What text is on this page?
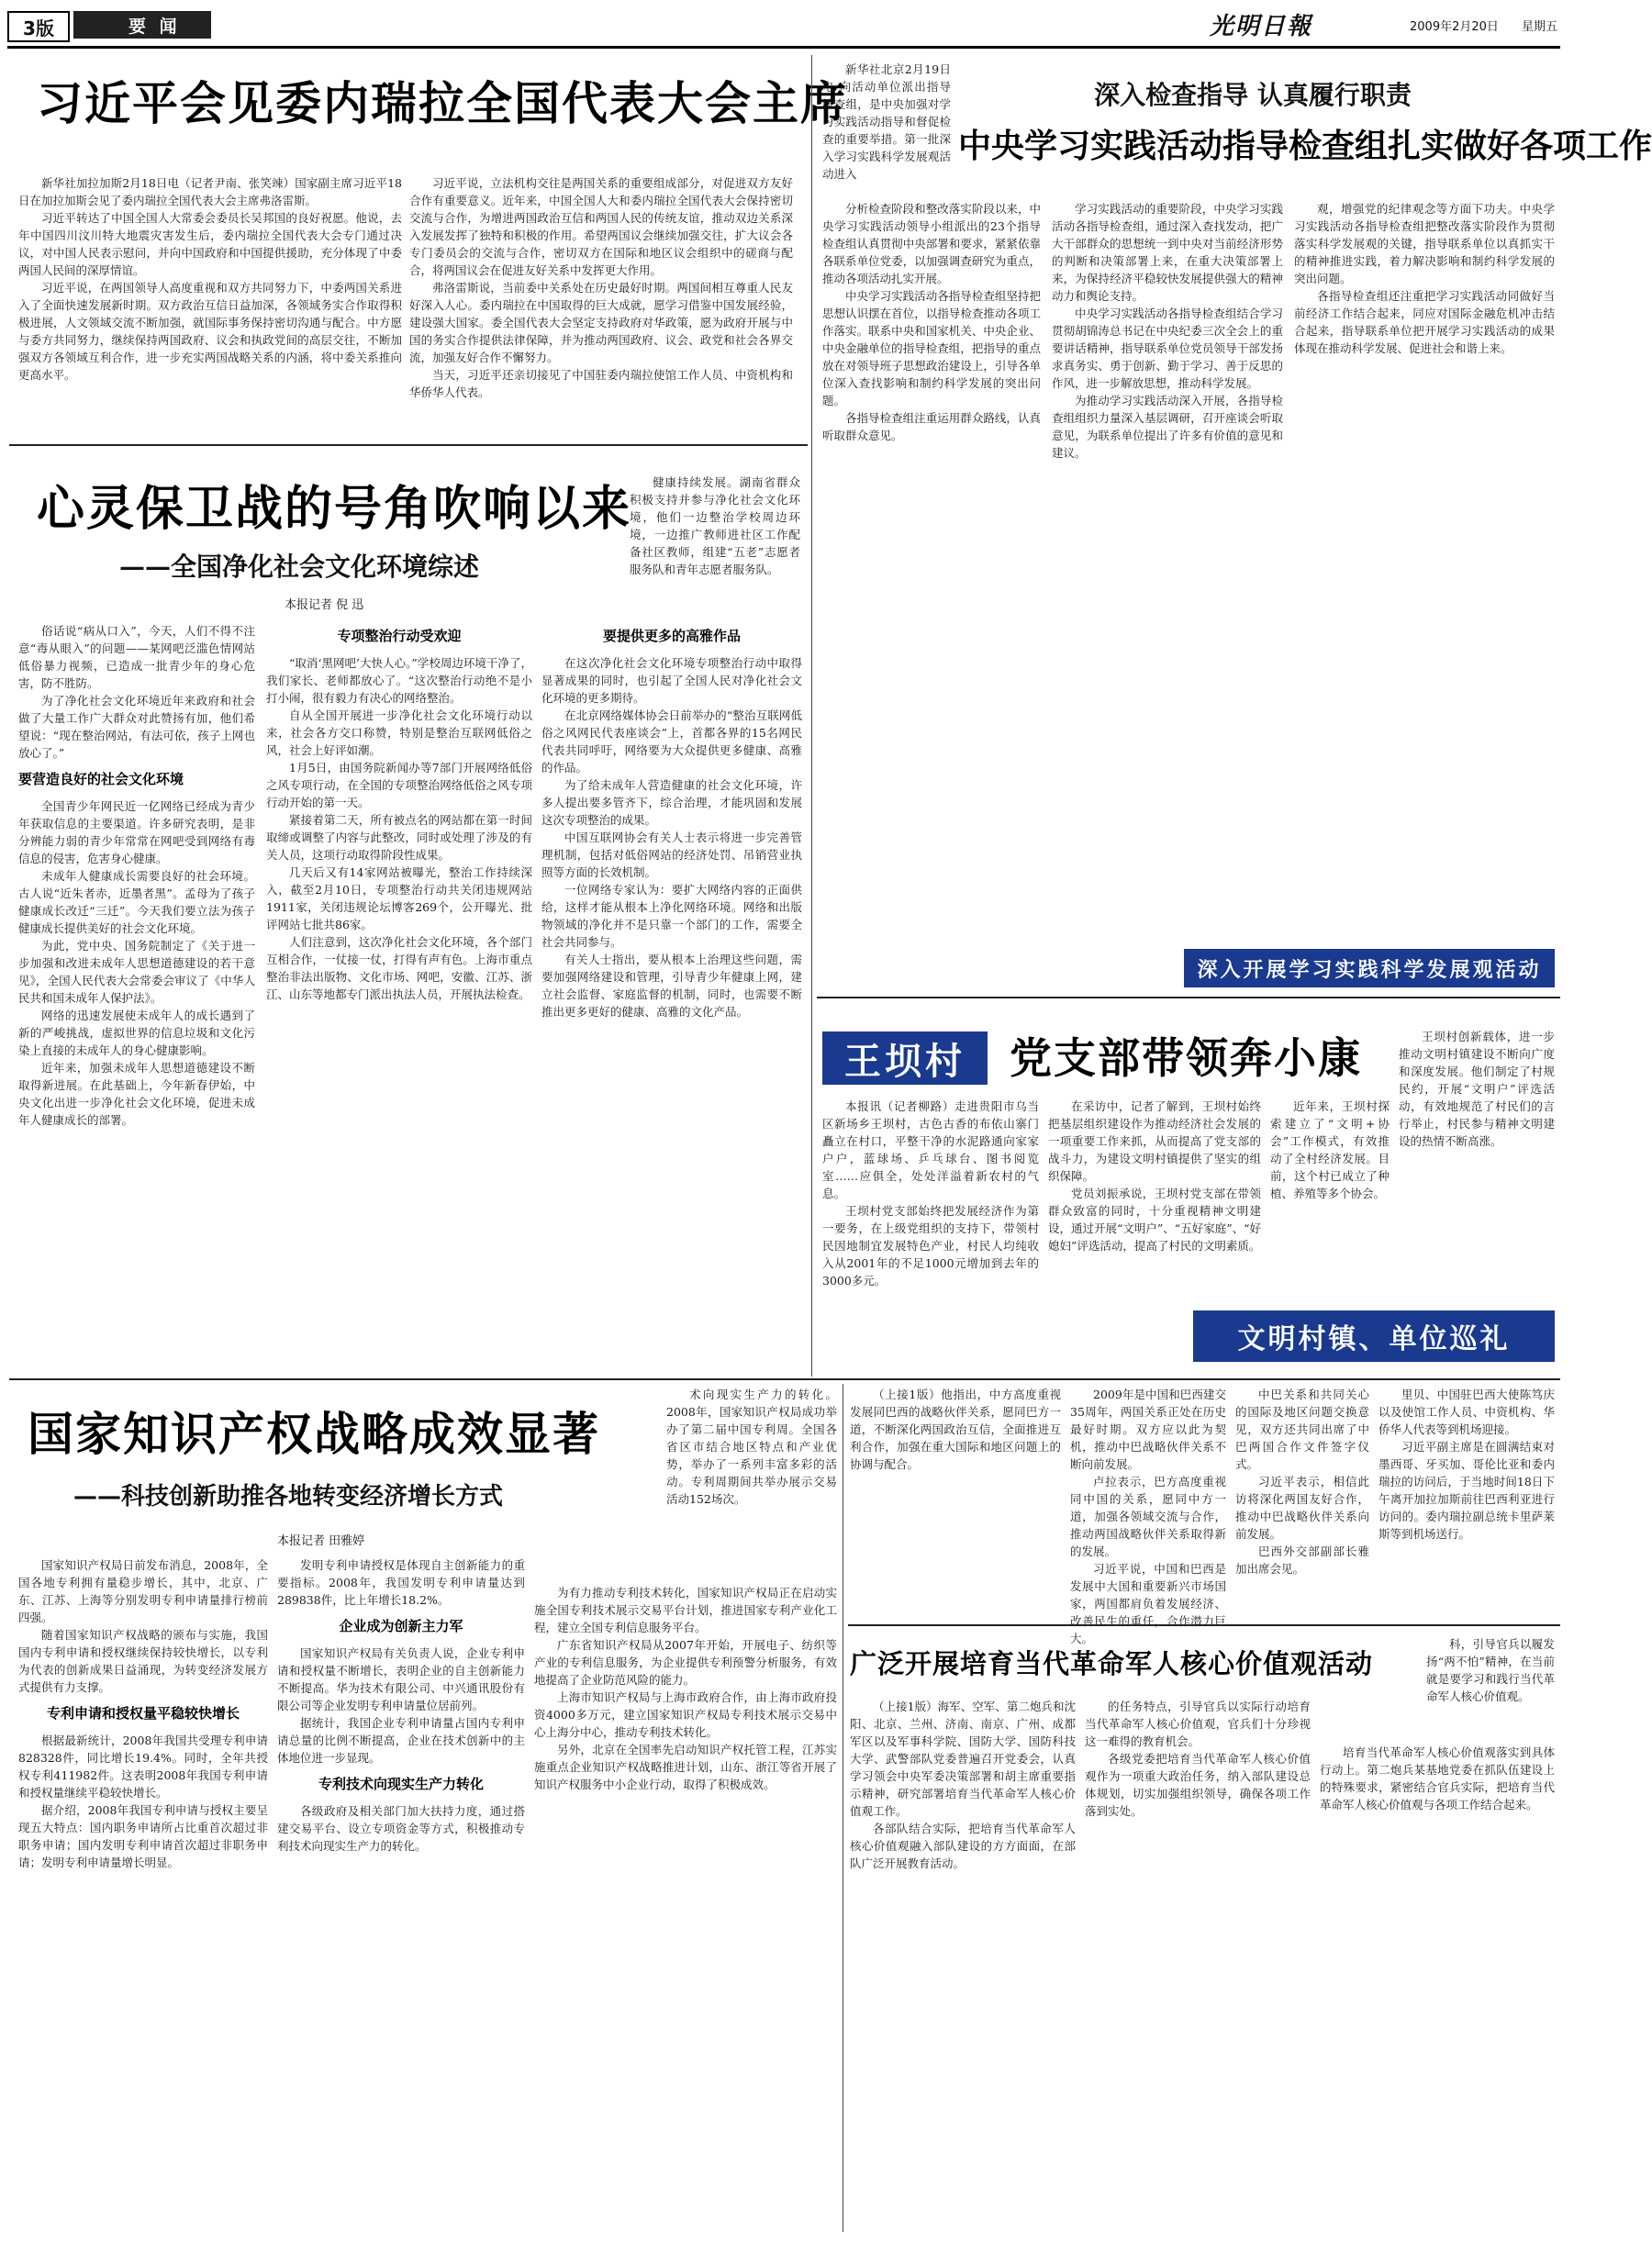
3版	要 闻	光明日報	2009年2月20日	星期五
习近平会见委内瑞拉全国代表大会主席

新华社加拉加斯2月18日电（记者尹南、张笑竦）国家副主席习近平18日在加拉加斯会见了委内瑞拉全国代表大会主席弗洛雷斯。

习近平转达了中国全国人大常委会委员长吴邦国的良好祝愿。他说，去年中国四川汶川特大地震灾害发生后，委内瑞拉全国代表大会专门通过决议，对中国人民表示慰问，并向中国政府和中国提供援助，充分体现了中委两国人民间的深厚情谊。

习近平说，在两国领导人高度重视和双方共同努力下，中委两国关系进入了全面快速发展新时期。双方政治互信日益加深，各领域务实合作取得积极进展，人文领域交流不断加强，就国际事务保持密切沟通与配合。中方愿与委方共同努力，继续保持两国政府、议会和执政党间的高层交往，不断加强双方各领域互利合作，进一步充实两国战略关系的内涵，将中委关系推向更高水平。

习近平说，立法机构交往是两国关系的重要组成部分，对促进双方友好合作有重要意义。近年来，中国全国人大和委内瑞拉全国代表大会保持密切交流与合作，为增进两国政治互信和两国人民的传统友谊，推动双边关系深入发展发挥了独特和积极的作用。希望两国议会继续加强交往，扩大议会各专门委员会的交流与合作，密切双方在国际和地区议会组织中的磋商与配合，将两国议会在促进友好关系中发挥更大作用。

弗洛雷斯说，当前委中关系处在历史最好时期。两国间相互尊重人民友好深入人心。委内瑞拉在中国取得的巨大成就，愿学习借鉴中国发展经验，建设强大国家。委全国代表大会坚定支持政府对华政策，愿为政府开展与中国的务实合作提供法律保障，并为推动两国政府、议会、政党和社会各界交流，加强友好合作不懈努力。

当天，习近平还亲切接见了中国驻委内瑞拉使馆工作人员、中资机构和华侨华人代表。

心灵保卫战的号角吹响以来
——全国净化社会文化环境综述
本报记者 倪 迅

健康持续发展。湖南省群众积极支持并参与净化社会文化环境，他们一边整治学校周边环境，一边推广教师进社区工作配备社区教师，组建“五老”志愿者服务队和青年志愿者服务队。

俗话说“病从口入”，今天，人们不得不注意“毒从眼入”的问题——某网吧泛滥色情网站低俗暴力视频，已造成一批青少年的身心危害，防不胜防。

为了净化社会文化环境近年来政府和社会做了大量工作广大群众对此赞扬有加，他们希望说：“现在整治网站，有法可依，孩子上网也放心了。”

要营造良好的社会文化环境

全国青少年网民近一亿网络已经成为青少年获取信息的主要渠道。许多研究表明，是非分辨能力弱的青少年常常在网吧受到网络有毒信息的侵害，危害身心健康。

未成年人健康成长需要良好的社会环境。古人说“近朱者赤，近墨者黑”。孟母为了孩子健康成长改迁“三迁”。今天我们要立法为孩子健康成长提供美好的社会文化环境。

为此，党中央、国务院制定了《关于进一步加强和改进未成年人思想道德建设的若干意见》，全国人民代表大会常委会审议了《中华人民共和国未成年人保护法》。

网络的迅速发展使未成年人的成长遇到了新的严峻挑战，虚拟世界的信息垃圾和文化污染上直接的未成年人的身心健康影响。

近年来，加强未成年人思想道德建设不断取得新进展。在此基础上，今年新春伊始，中央文化出进一步净化社会文化环境，促进未成年人健康成长的部署。

专项整治行动受欢迎

“取消‘黑网吧’大快人心。”学校周边环境干净了，我们家长、老师都放心了。“这次整治行动绝不是小打小闹，很有毅力有决心的网络整治。

自从全国开展进一步净化社会文化环境行动以来，社会各方交口称赞，特别是整治互联网低俗之风，社会上好评如潮。

1月5日，由国务院新闻办等7部门开展网络低俗之风专项行动，在全国的专项整治网络低俗之风专项行动开始的第一天。

紧接着第二天，所有被点名的网站都在第一时间取缔或调整了内容与此整改，同时或处理了涉及的有关人员，这项行动取得阶段性成果。

几天后又有14家网站被曝光，整治工作持续深入，截至2月10日，专项整治行动共关闭违规网站1911家，关闭违规论坛博客269个，公开曝光、批评网站七批共86家。

人们注意到，这次净化社会文化环境，各个部门互相合作，一仗接一仗，打得有声有色。上海市重点整治非法出版物、文化市场、网吧，安徽、江苏、浙江、山东等地都专门派出执法人员，开展执法检查。

要提供更多的高雅作品

在这次净化社会文化环境专项整治行动中取得显著成果的同时，也引起了全国人民对净化社会文化环境的更多期待。

在北京网络媒体协会日前举办的“整治互联网低俗之风网民代表座谈会”上，首都各界的15名网民代表共同呼吁，网络要为大众提供更多健康、高雅的作品。

为了给未成年人营造健康的社会文化环境，许多人提出要多管齐下，综合治理，才能巩固和发展这次专项整治的成果。

中国互联网协会有关人士表示将进一步完善管理机制，包括对低俗网站的经济处罚、吊销营业执照等方面的长效机制。

一位网络专家认为：要扩大网络内容的正面供给，这样才能从根本上净化网络环境。网络和出版物领域的净化并不是只靠一个部门的工作，需要全社会共同参与。

有关人士指出，要从根本上治理这些问题，需要加强网络建设和管理，引导青少年健康上网，建立社会监督、家庭监督的机制，同时，也需要不断推出更多更好的健康、高雅的文化产品。

新华社北京2月19日电 向活动单位派出指导检查组，是中央加强对学习实践活动指导和督促检查的重要举措。第一批深入学习实践科学发展观活动进入

深入检查指导 认真履行职责
中央学习实践活动指导检查组扎实做好各项工作

分析检查阶段和整改落实阶段以来，中央学习实践活动领导小组派出的23个指导检查组认真贯彻中央部署和要求，紧紧依靠各联系单位党委，以加强调查研究为重点，推动各项活动扎实开展。

中央学习实践活动各指导检查组坚持把思想认识摆在首位，以指导检查推动各项工作落实。联系中央和国家机关、中央企业、中央金融单位的指导检查组，把指导的重点放在对领导班子思想政治建设上，引导各单位深入查找影响和制约科学发展的突出问题。

各指导检查组注重运用群众路线，认真听取群众意见。

学习实践活动的重要阶段，中央学习实践活动各指导检查组，通过深入查找发动，把广大干部群众的思想统一到中央对当前经济形势的判断和决策部署上来，在重大决策部署上来，为保持经济平稳较快发展提供强大的精神动力和舆论支持。

中央学习实践活动各指导检查组结合学习贯彻胡锦涛总书记在中央纪委三次全会上的重要讲话精神，指导联系单位党员领导干部发扬求真务实、勇于创新、勤于学习、善于反思的作风，进一步解放思想，推动科学发展。

为推动学习实践活动深入开展，各指导检查组组织力量深入基层调研，召开座谈会听取意见，为联系单位提出了许多有价值的意见和建议。

观，增强党的纪律观念等方面下功夫。中央学习实践活动各指导检查组把整改落实阶段作为贯彻落实科学发展观的关键，指导联系单位以真抓实干的精神推进实践，着力解决影响和制约科学发展的突出问题。

各指导检查组还注重把学习实践活动同做好当前经济工作结合起来，同应对国际金融危机冲击结合起来，指导联系单位把开展学习实践活动的成果体现在推动科学发展、促进社会和谐上来。

深入开展学习实践科学发展观活动
王坝村	党支部带领奔小康

本报讯（记者柳路）走进贵阳市乌当区新场乡王坝村，古色古香的布依山寨门矗立在村口，平整干净的水泥路通向家家户户，蓝球场、乒乓球台、图书阅览室……应俱全，处处洋溢着新农村的气息。

王坝村党支部始终把发展经济作为第一要务，在上级党组织的支持下，带领村民因地制宜发展特色产业，村民人均纯收入从2001年的不足1000元增加到去年的3000多元。

在采访中，记者了解到，王坝村始终把基层组织建设作为推动经济社会发展的一项重要工作来抓，从而提高了党支部的战斗力，为建设文明村镇提供了坚实的组织保障。

党员刘振承说，王坝村党支部在带领群众致富的同时，十分重视精神文明建设，通过开展“文明户”、“五好家庭”、“好媳妇”评选活动，提高了村民的文明素质。

近年来，王坝村探索建立了“文明+协会”工作模式，有效推动了全村经济发展。目前，这个村已成立了种植、养殖等多个协会。

王坝村创新载体，进一步推动文明村镇建设不断向广度和深度发展。他们制定了村规民约，开展“文明户”评选活动，有效地规范了村民们的言行举止，村民参与精神文明建设的热情不断高涨。

文明村镇、单位巡礼
国家知识产权战略成效显著
——科技创新助推各地转变经济增长方式
本报记者 田雅婷

术向现实生产力的转化。2008年，国家知识产权局成功举办了第二届中国专利周。全国各省区市结合地区特点和产业优势，举办了一系列丰富多彩的活动。专利周期间共举办展示交易活动152场次。

国家知识产权局日前发布消息，2008年，全国各地专利拥有量稳步增长，其中，北京、广东、江苏、上海等分别发明专利申请量排行榜前四强。

随着国家知识产权战略的颁布与实施，我国国内专利申请和授权继续保持较快增长，以专利为代表的创新成果日益涌现，为转变经济发展方式提供有力支撑。

专利申请和授权量平稳较快增长

根据最新统计，2008年我国共受理专利申请828328件，同比增长19.4%。同时，全年共授权专利411982件。这表明2008年我国专利申请和授权量继续平稳较快增长。

据介绍，2008年我国专利申请与授权主要呈现五大特点：国内职务申请所占比重首次超过非职务申请；国内发明专利申请首次超过非职务申请；发明专利申请量增长明显。

发明专利申请授权是体现自主创新能力的重要指标。2008年，我国发明专利申请量达到289838件，比上年增长18.2%。

企业成为创新主力军

国家知识产权局有关负责人说，企业专利申请和授权量不断增长，表明企业的自主创新能力不断提高。华为技术有限公司、中兴通讯股份有限公司等企业发明专利申请量位居前列。

据统计，我国企业专利申请量占国内专利申请总量的比例不断提高，企业在技术创新中的主体地位进一步显现。

专利技术向现实生产力转化

各级政府及相关部门加大扶持力度，通过搭建交易平台、设立专项资金等方式，积极推动专利技术向现实生产力的转化。

为有力推动专利技术转化，国家知识产权局正在启动实施全国专利技术展示交易平台计划，推进国家专利产业化工程，建立全国专利信息服务平台。

广东省知识产权局从2007年开始，开展电子、纺织等产业的专利信息服务，为企业提供专利预警分析服务，有效地提高了企业防范风险的能力。

上海市知识产权局与上海市政府合作，由上海市政府投资4000多万元，建立国家知识产权局专利技术展示交易中心上海分中心，推动专利技术转化。

另外，北京在全国率先启动知识产权托管工程，江苏实施重点企业知识产权战略推进计划，山东、浙江等省开展了知识产权服务中小企业行动，取得了积极成效。

（上接1版）他指出，中方高度重视发展同巴西的战略伙伴关系，愿同巴方一道，不断深化两国政治互信，全面推进互利合作，加强在重大国际和地区问题上的协调与配合。

2009年是中国和巴西建交35周年，两国关系正处在历史最好时期。双方应以此为契机，推动中巴战略伙伴关系不断向前发展。

卢拉表示，巴方高度重视同中国的关系，愿同中方一道，加强各领域交流与合作，推动两国战略伙伴关系取得新的发展。

习近平说，中国和巴西是发展中大国和重要新兴市场国家，两国都肩负着发展经济、改善民生的重任，合作潜力巨大。

中巴关系和共同关心的国际及地区问题交换意见，双方还共同出席了中巴两国合作文件签字仪式。

习近平表示，相信此访将深化两国友好合作，推动中巴战略伙伴关系向前发展。

巴西外交部副部长雅加出席会见。

里贝、中国驻巴西大使陈笃庆以及使馆工作人员、中资机构、华侨华人代表等到机场迎接。

习近平副主席是在圆满结束对墨西哥、牙买加、哥伦比亚和委内瑞拉的访问后，于当地时间18日下午离开加拉加斯前往巴西利亚进行访问的。委内瑞拉副总统卡里萨莱斯等到机场送行。

广泛开展培育当代革命军人核心价值观活动

科，引导官兵以履发扬“两不怕”精神，在当前就是要学习和践行当代革命军人核心价值观。

（上接1版）海军、空军、第二炮兵和沈阳、北京、兰州、济南、南京、广州、成都军区以及军事科学院、国防大学、国防科技大学、武警部队党委普遍召开党委会，认真学习领会中央军委决策部署和胡主席重要指示精神，研究部署培育当代革命军人核心价值观工作。

各部队结合实际，把培育当代革命军人核心价值观融入部队建设的方方面面，在部队广泛开展教育活动。

的任务特点，引导官兵以实际行动培育当代革命军人核心价值观，官兵们十分珍视这一难得的教育机会。

各级党委把培育当代革命军人核心价值观作为一项重大政治任务，纳入部队建设总体规划，切实加强组织领导，确保各项工作落到实处。

培育当代革命军人核心价值观落实到具体行动上。第二炮兵某基地党委在抓队伍建设上的特殊要求，紧密结合官兵实际，把培育当代革命军人核心价值观与各项工作结合起来。
